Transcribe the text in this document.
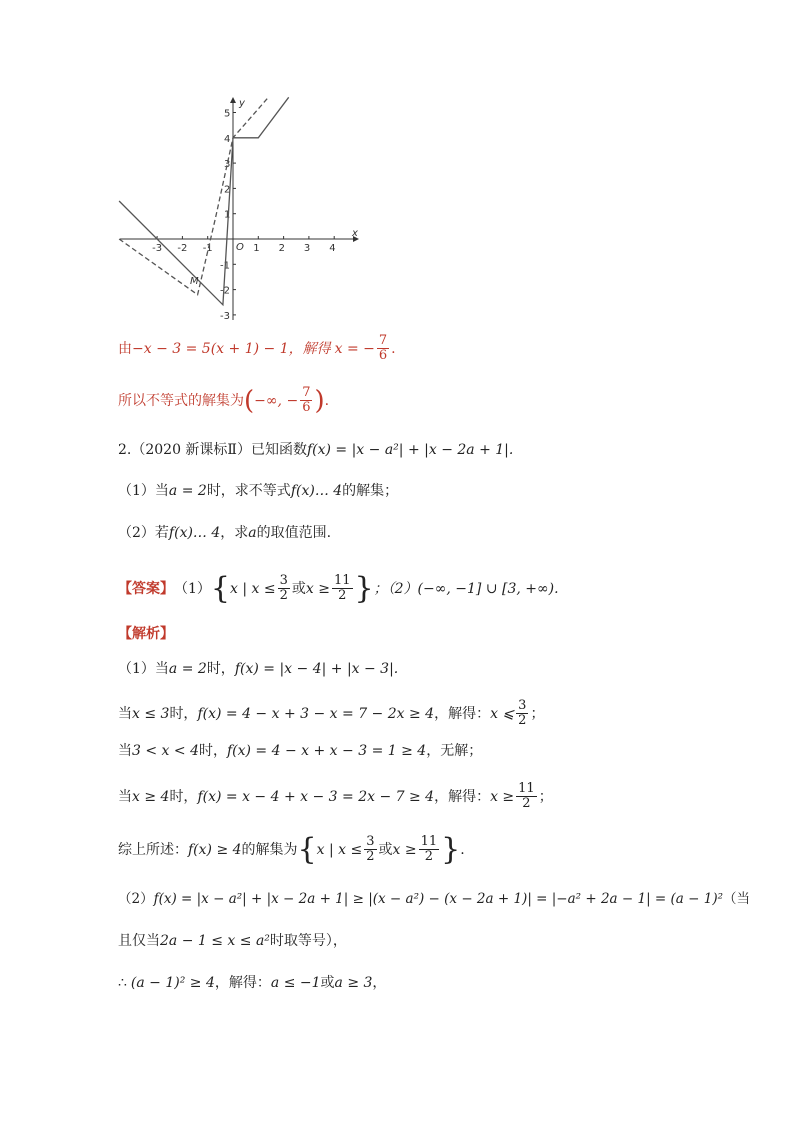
-3 -2 -1	1 2 3 4
5
4
3
2
1
-1
-2
-3
x
y
O
M
由 −x − 3 = 5(x + 1) − 1，解得 x = − $\frac{7}{6}$ .
所以不等式的解集为 ( −∞, − $\frac{7}{6}$ ) .
2.（2020 新课标Ⅱ）已知函数 f(x) = |x − a²| + |x − 2a + 1|.
（1）当 a = 2 时，求不等式 f(x)… 4 的解集；
（2）若 f(x)… 4 ，求 a 的取值范围.
【答案】 （1） { x | $x \le \frac{3}{2}$ 或 $x \ge \frac{11}{2}$ } ；（2）(−∞, −1] ∪ [3, +∞).
【解析】
（1）当 a = 2 时， f(x) = |x − 4| + |x − 3|.
当 x ≤ 3 时， f(x) = 4 − x + 3 − x = 7 − 2x ≥ 4 ，解得： x ⩽ $\frac{3}{2}$ ；
当 3 < x < 4 时， f(x) = 4 − x + x − 3 = 1 ≥ 4 ，无解；
当 x ≥ 4 时， f(x) = x − 4 + x − 3 = 2x − 7 ≥ 4 ，解得： $x \ge \frac{11}{2}$ ；
综上所述： f(x) ≥ 4 的解集为 { x | $x \le \frac{3}{2}$ 或 $x \ge \frac{11}{2}$ } .
（2） f(x) = |x − a²| + |x − 2a + 1| ≥ |(x − a²) − (x − 2a + 1)| = |−a² + 2a − 1| = (a − 1)² （当
且仅当 2a − 1 ≤ x ≤ a² 时取等号），
∴ (a − 1)² ≥ 4 ，解得： a ≤ −1 或 a ≥ 3 ，
